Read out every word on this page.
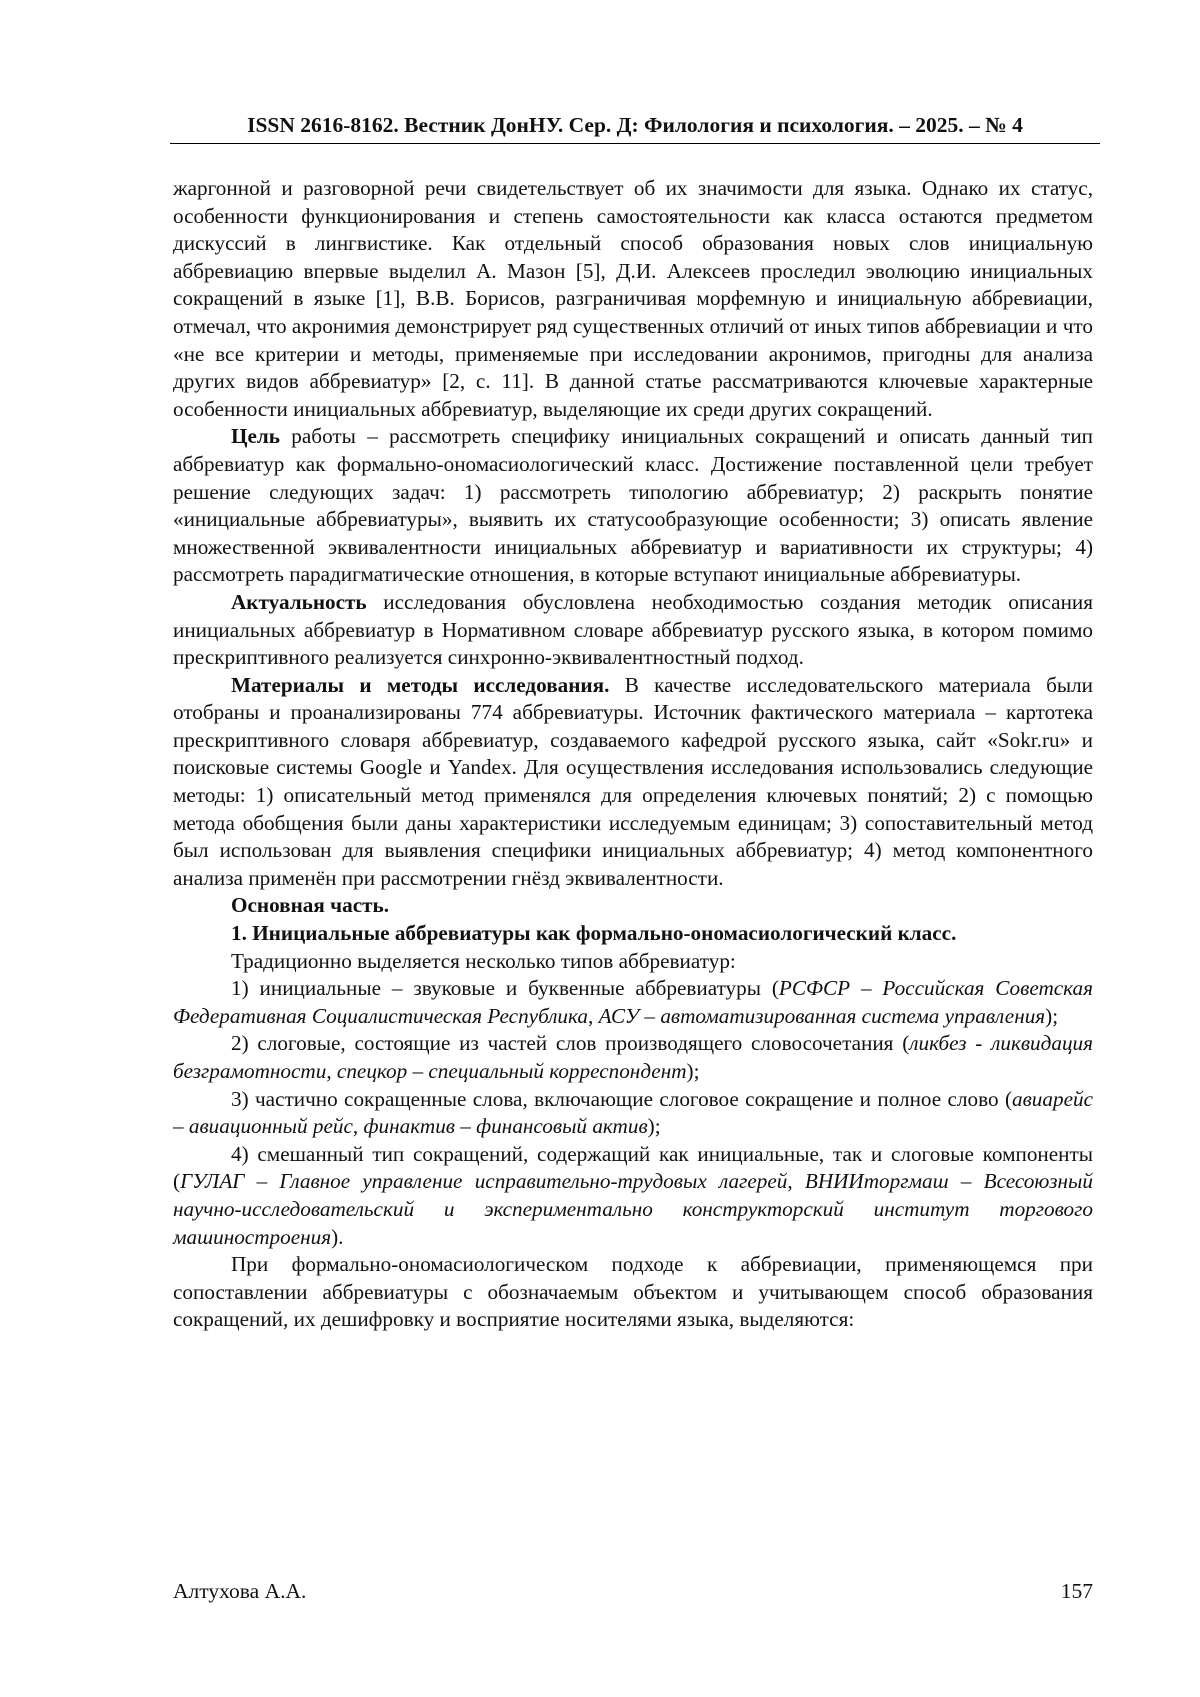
ISSN 2616-8162. Вестник ДонНУ. Сер. Д: Филология и психология. – 2025. – № 4

жаргонной и разговорной речи свидетельствует об их значимости для языка. Однако их статус, особенности функционирования и степень самостоятельности как класса остаются предметом дискуссий в лингвистике. Как отдельный способ образования новых слов инициальную аббревиацию впервые выделил А. Мазон [5], Д.И. Алексеев проследил эволюцию инициальных сокращений в языке [1], В.В. Борисов, разграничивая морфемную и инициальную аббревиации, отмечал, что акронимия демонстрирует ряд существенных отличий от иных типов аббревиации и что «не все критерии и методы, применяемые при исследовании акронимов, пригодны для анализа других видов аббревиатур» [2, с. 11]. В данной статье рассматриваются ключевые характерные особенности инициальных аббревиатур, выделяющие их среди других сокращений.

Цель работы – рассмотреть специфику инициальных сокращений и описать данный тип аббревиатур как формально-ономасиологический класс. Достижение поставленной цели требует решение следующих задач: 1) рассмотреть типологию аббревиатур; 2) раскрыть понятие «инициальные аббревиатуры», выявить их статусообразующие особенности; 3) описать явление множественной эквивалентности инициальных аббревиатур и вариативности их структуры; 4) рассмотреть парадигматические отношения, в которые вступают инициальные аббревиатуры.

Актуальность исследования обусловлена необходимостью создания методик описания инициальных аббревиатур в Нормативном словаре аббревиатур русского языка, в котором помимо прескриптивного реализуется синхронно-эквивалентностный подход.

Материалы и методы исследования. В качестве исследовательского материала были отобраны и проанализированы 774 аббревиатуры. Источник фактического материала – картотека прескриптивного словаря аббревиатур, создаваемого кафедрой русского языка, сайт «Sokr.ru» и поисковые системы Google и Yandex. Для осуществления исследования использовались следующие методы: 1) описательный метод применялся для определения ключевых понятий; 2) с помощью метода обобщения были даны характеристики исследуемым единицам; 3) сопоставительный метод был использован для выявления специфики инициальных аббревиатур; 4) метод компонентного анализа применён при рассмотрении гнёзд эквивалентности.

Основная часть.

1. Инициальные аббревиатуры как формально-ономасиологический класс.

Традиционно выделяется несколько типов аббревиатур:

1) инициальные – звуковые и буквенные аббревиатуры (РСФСР – Российская Советская Федеративная Социалистическая Республика, АСУ – автоматизированная система управления);

2) слоговые, состоящие из частей слов производящего словосочетания (ликбез - ликвидация безграмотности, спецкор – специальный корреспондент);

3) частично сокращенные слова, включающие слоговое сокращение и полное слово (авиарейс – авиационный рейс, финактив – финансовый актив);

4) смешанный тип сокращений, содержащий как инициальные, так и слоговые компоненты (ГУЛАГ – Главное управление исправительно-трудовых лагерей, ВНИИторгмаш – Всесоюзный научно-исследовательский и экспериментально конструкторский институт торгового машиностроения).

При формально-ономасиологическом подходе к аббревиации, применяющемся при сопоставлении аббревиатуры с обозначаемым объектом и учитывающем способ образования сокращений, их дешифровку и восприятие носителями языка, выделяются:

Алтухова А.А.	157
